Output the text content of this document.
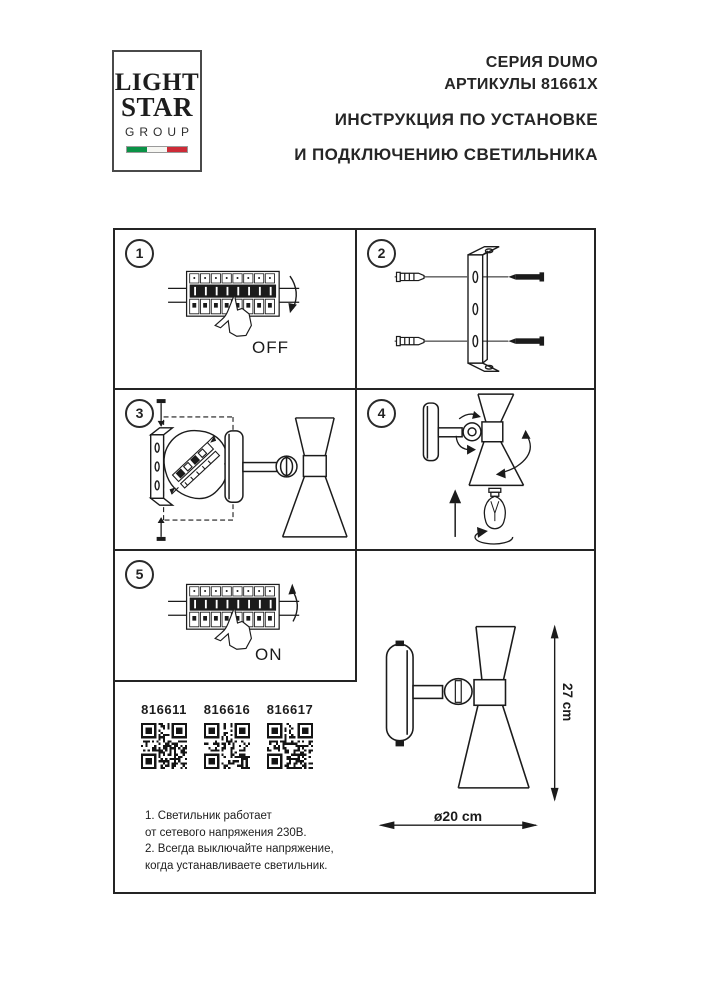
LIGHT
STAR
GROUP
СЕРИЯ DUMO
АРТИКУЛЫ 81661X
ИНСТРУКЦИЯ ПО УСТАНОВКЕ
И ПОДКЛЮЧЕНИЮ СВЕТИЛЬНИКА
1
OFF
2
3	4
5
ON
816611 816616 816617
1. Светильник работает
от сетевого напряжения 230В.
2. Всегда выключайте напряжение,
когда устанавливаете светильник.
27 cm
ø20 cm
